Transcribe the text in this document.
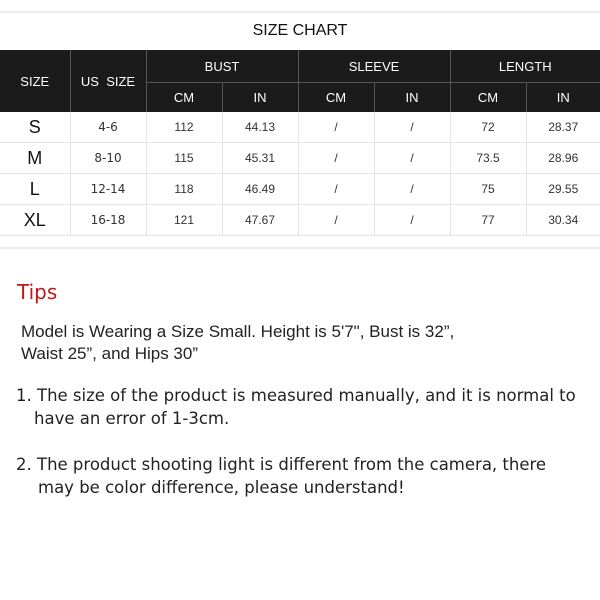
SIZE CHART
SIZE	US  SIZE	BUST		SLEEVE		LENGTH	
		CM	IN	CM	IN	CM	IN
S	4-6	112	44.13	/	/	72	28.37
M	8-10	115	45.31	/	/	73.5	28.96
L	12-14	118	46.49	/	/	75	29.55
XL	16-18	121	47.67	/	/	77	30.34
Tips
Model is Wearing a Size Small. Height is 5'7", Bust is 32”,
Waist 25”, and Hips 30”
1. The size of the product is measured manually, and it is normal to
have an error of 1-3cm.
2. The product shooting light is different from the camera, there
may be color difference, please understand!
